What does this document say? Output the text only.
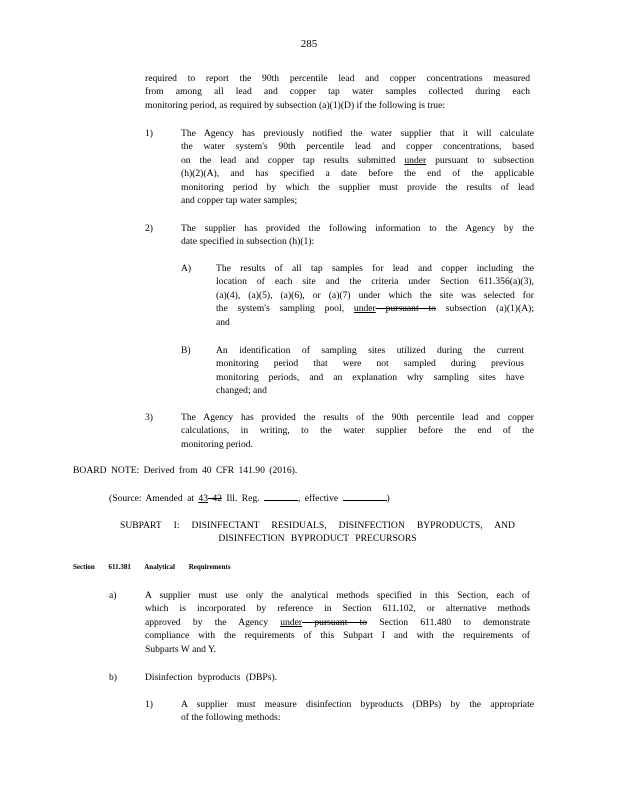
285
required to report the 90th percentile lead and copper concentrations measured
from among all lead and copper tap water samples collected during each
monitoring period, as required by subsection (a)(1)(D) if the following is true:
1)	The Agency has previously notified the water supplier that it will calculate
the water system's 90th percentile lead and copper concentrations, based
on the lead and copper tap results submitted under pursuant to subsection
(h)(2)(A), and has specified a date before the end of the applicable
monitoring period by which the supplier must provide the results of lead
and copper tap water samples;
2)	The supplier has provided the following information to the Agency by the
date specified in subsection (h)(1):
A)	The results of all tap samples for lead and copper including the
location of each site and the criteria under Section 611.356(a)(3),
(a)(4), (a)(5), (a)(6), or (a)(7) under which the site was selected for
the system's sampling pool, under pursuant to subsection (a)(1)(A);
and
B)	An identification of sampling sites utilized during the current
monitoring period that were not sampled during previous
monitoring periods, and an explanation why sampling sites have
changed; and
3)	The Agency has provided the results of the 90th percentile lead and copper
calculations, in writing, to the water supplier before the end of the
monitoring period.
BOARD NOTE: Derived from 40 CFR 141.90 (2016).
(Source: Amended at 43 42 Ill. Reg.	, effective	)
SUBPART I: DISINFECTANT RESIDUALS, DISINFECTION BYPRODUCTS, AND
DISINFECTION BYPRODUCT PRECURSORS
Section 611.381 Analytical Requirements
a)	A supplier must use only the analytical methods specified in this Section, each of
which is incorporated by reference in Section 611.102, or alternative methods
approved by the Agency under pursuant to Section 611.480 to demonstrate
compliance with the requirements of this Subpart I and with the requirements of
Subparts W and Y.
b)	Disinfection byproducts (DBPs).
1)	A supplier must measure disinfection byproducts (DBPs) by the appropriate
of the following methods:
